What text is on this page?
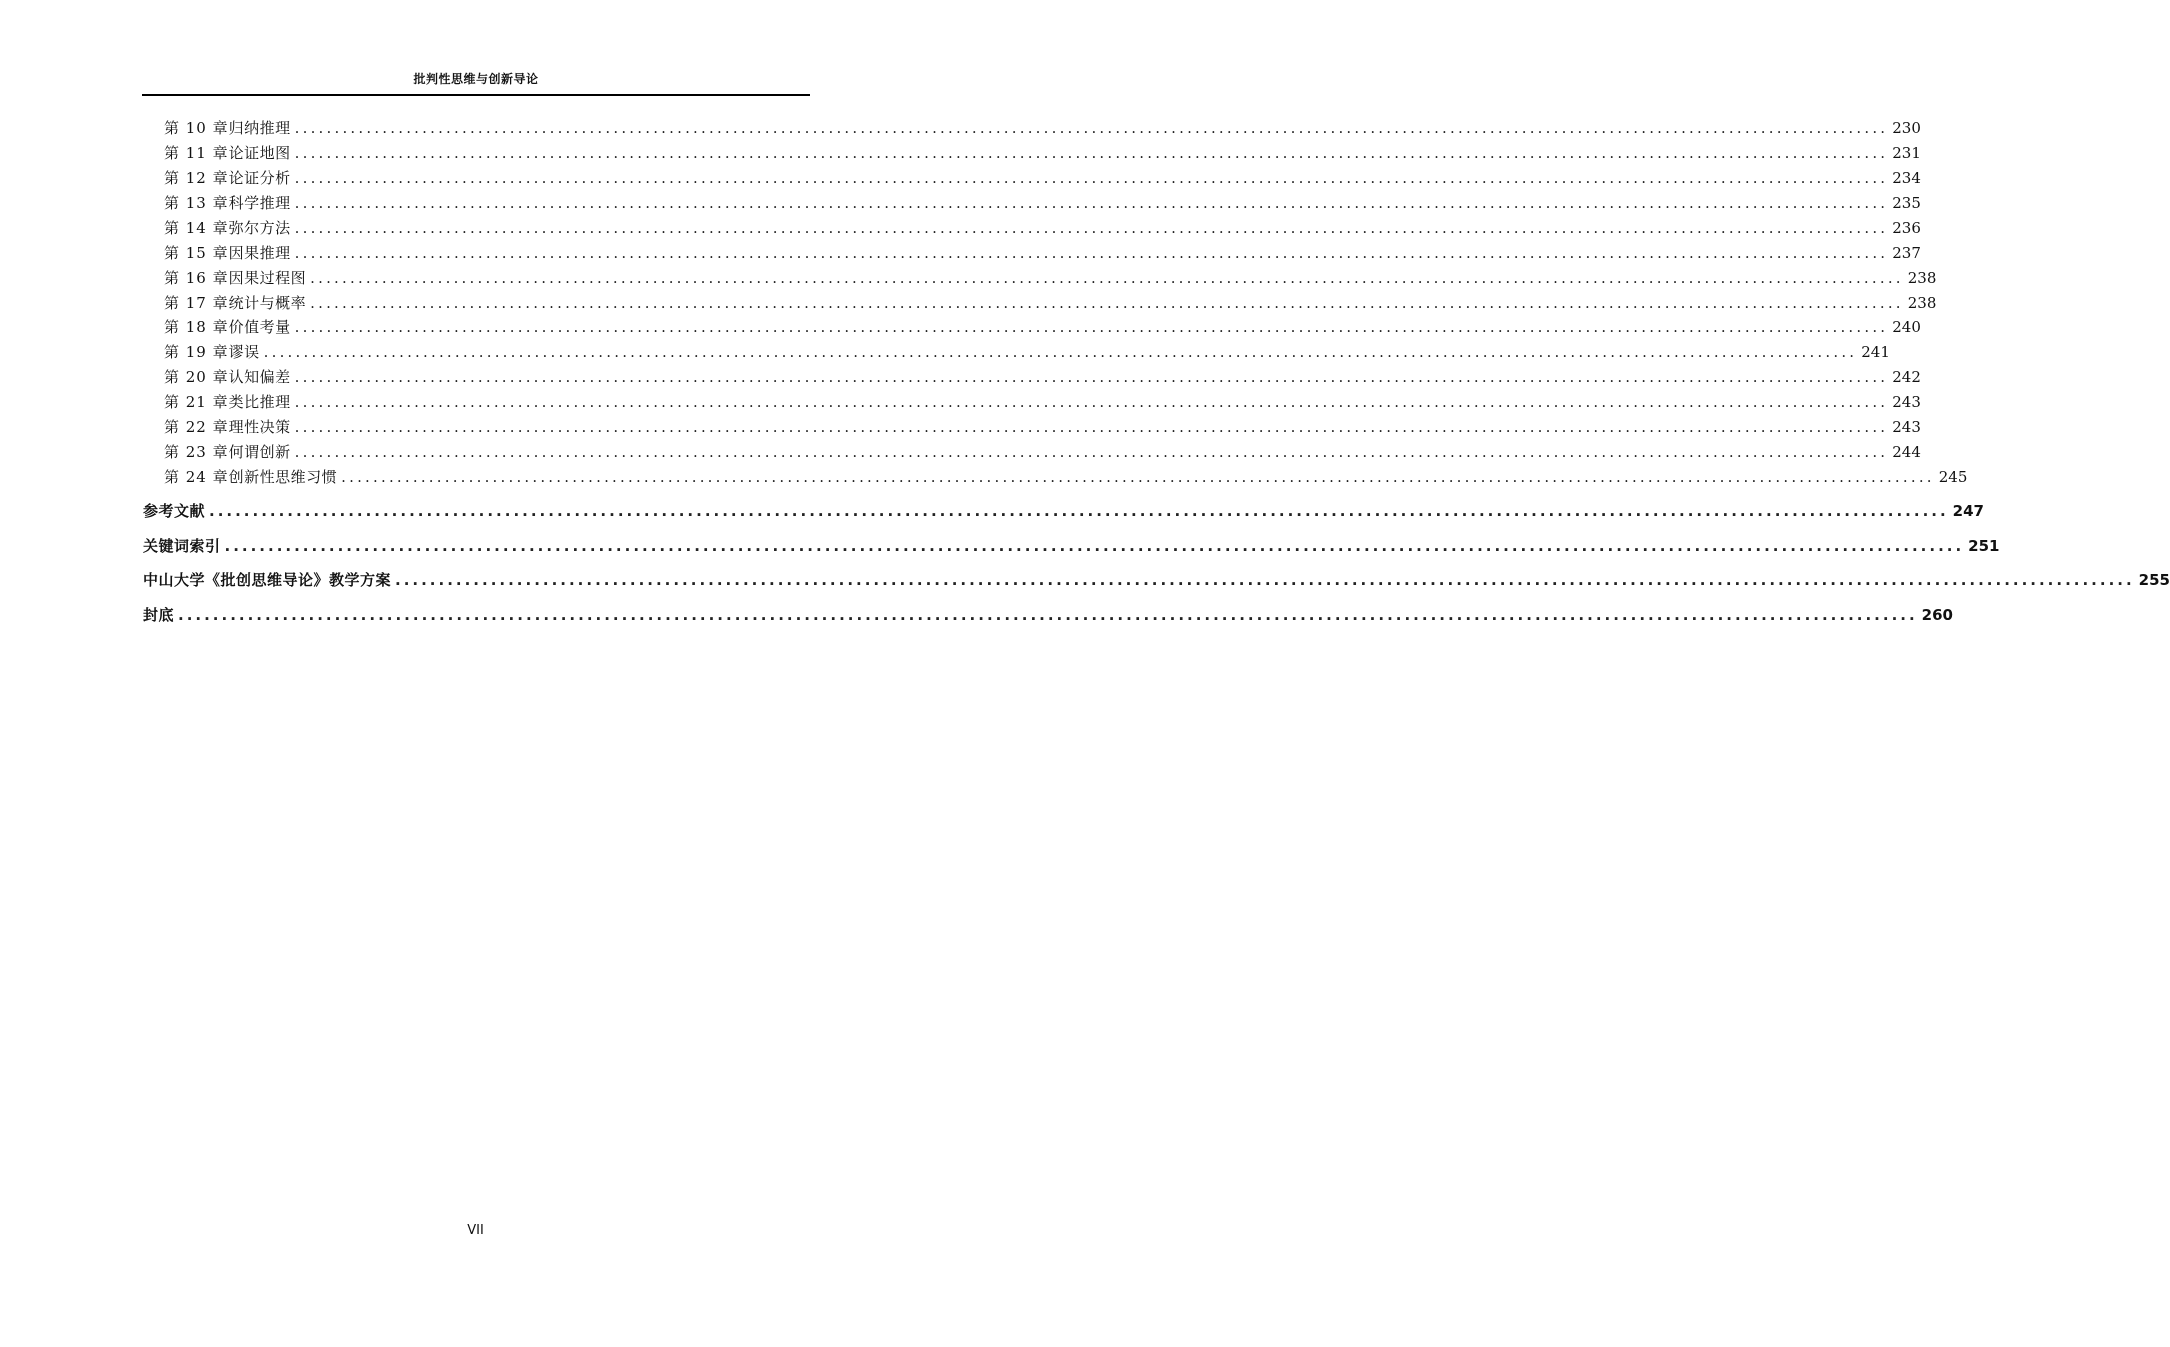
批判性思维与创新导论
第 10 章 归纳推理 ........................................................................................................................................................................................................ 230
第 11 章 论证地图 ........................................................................................................................................................................................................ 231
第 12 章 论证分析 ........................................................................................................................................................................................................ 234
第 13 章 科学推理 ........................................................................................................................................................................................................ 235
第 14 章 弥尔方法 ........................................................................................................................................................................................................ 236
第 15 章 因果推理 ........................................................................................................................................................................................................ 237
第 16 章 因果过程图 ........................................................................................................................................................................................................ 238
第 17 章 统计与概率 ........................................................................................................................................................................................................ 238
第 18 章 价值考量 ........................................................................................................................................................................................................ 240
第 19 章 谬误 ........................................................................................................................................................................................................ 241
第 20 章 认知偏差 ........................................................................................................................................................................................................ 242
第 21 章 类比推理 ........................................................................................................................................................................................................ 243
第 22 章 理性决策 ........................................................................................................................................................................................................ 243
第 23 章 何谓创新 ........................................................................................................................................................................................................ 244
第 24 章 创新性思维习惯 ........................................................................................................................................................................................................ 245
参考文献 ........................................................................................................................................................................................................ 247
关键词索引 ........................................................................................................................................................................................................ 251
中山大学《批创思维导论》教学方案 ........................................................................................................................................................................................................ 255
封底 ........................................................................................................................................................................................................ 260
VII
